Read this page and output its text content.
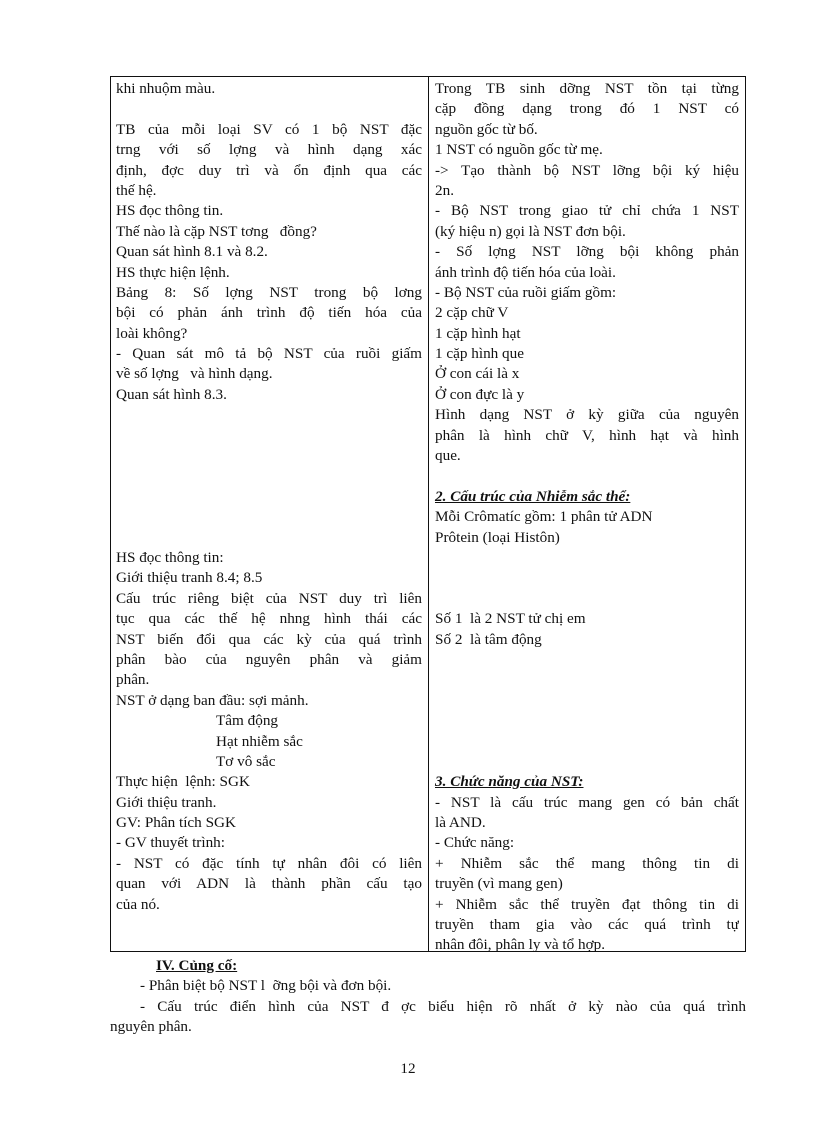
khi nhuộm màu.
TB của mỗi loại SV có 1 bộ NST đặc
trng với số lợng và hình dạng xác
định, đợc duy trì và ổn định qua các
thế hệ.
HS đọc thông tin.
Thế nào là cặp NST tơng   đồng?
Quan sát hình 8.1 và 8.2.
HS thực hiện lệnh.
Bảng 8: Số lợng NST trong bộ lơng
bội có phản ánh trình độ tiến hóa của
loài không?
- Quan sát mô tả bộ NST của ruồi giấm
về số lợng   và hình dạng.
Quan sát hình 8.3.
HS đọc thông tin:
Giới thiệu tranh 8.4; 8.5
Cấu trúc riêng biệt của NST duy trì liên
tục qua các thế hệ nhng hình thái các
NST biến đổi qua các kỳ của quá trình
phân bào của nguyên phân và giảm
phân.
NST ở dạng ban đầu: sợi mảnh.
Tâm động
Hạt nhiễm sắc
Tơ vô sắc
Thực hiện  lệnh: SGK
Giới thiệu tranh.
GV: Phân tích SGK
- GV thuyết trình:
- NST có đặc tính tự nhân đôi có liên
quan với ADN là thành phần cấu tạo
của nó.
Trong TB sinh dỡng NST tồn tại từng
cặp đồng dạng trong đó 1 NST có
nguồn gốc từ bố.
1 NST có nguồn gốc từ mẹ.
-> Tạo thành bộ NST lỡng bội ký hiệu
2n.
- Bộ NST trong giao tử chỉ chứa 1 NST
(ký hiệu n) gọi là NST đơn bội.
- Số lợng NST lỡng bội không phản
ánh trình độ tiến hóa của loài.
- Bộ NST của ruồi giấm gồm:
2 cặp chữ V
1 cặp hình hạt
1 cặp hình que
Ở con cái là x
Ở con đực là y
Hình dạng NST ở kỳ giữa của nguyên
phân là hình chữ V, hình hạt và hình
que.
2. Cấu trúc của Nhiễm sắc thể:
Mỗi Crômatíc gồm: 1 phân tử ADN
Prôtein (loại Histôn)
Số 1  là 2 NST tử chị em
Số 2  là tâm động
3. Chức năng của NST:
- NST là cấu trúc mang gen có bản chất
là AND.
- Chức năng:
+ Nhiễm sắc thể mang thông tin di
truyền (vì mang gen)
+ Nhiễm sắc thể truyền đạt thông tin di
truyền tham gia vào các quá trình tự
nhân đôi, phân ly và tổ hợp.
IV. Củng cố:
- Phân biệt bộ NST l  ỡng bội và đơn bội.
- Cấu trúc điển hình của NST đ ợc biểu hiện rõ nhất ở kỳ nào của quá trình
nguyên phân.
12
